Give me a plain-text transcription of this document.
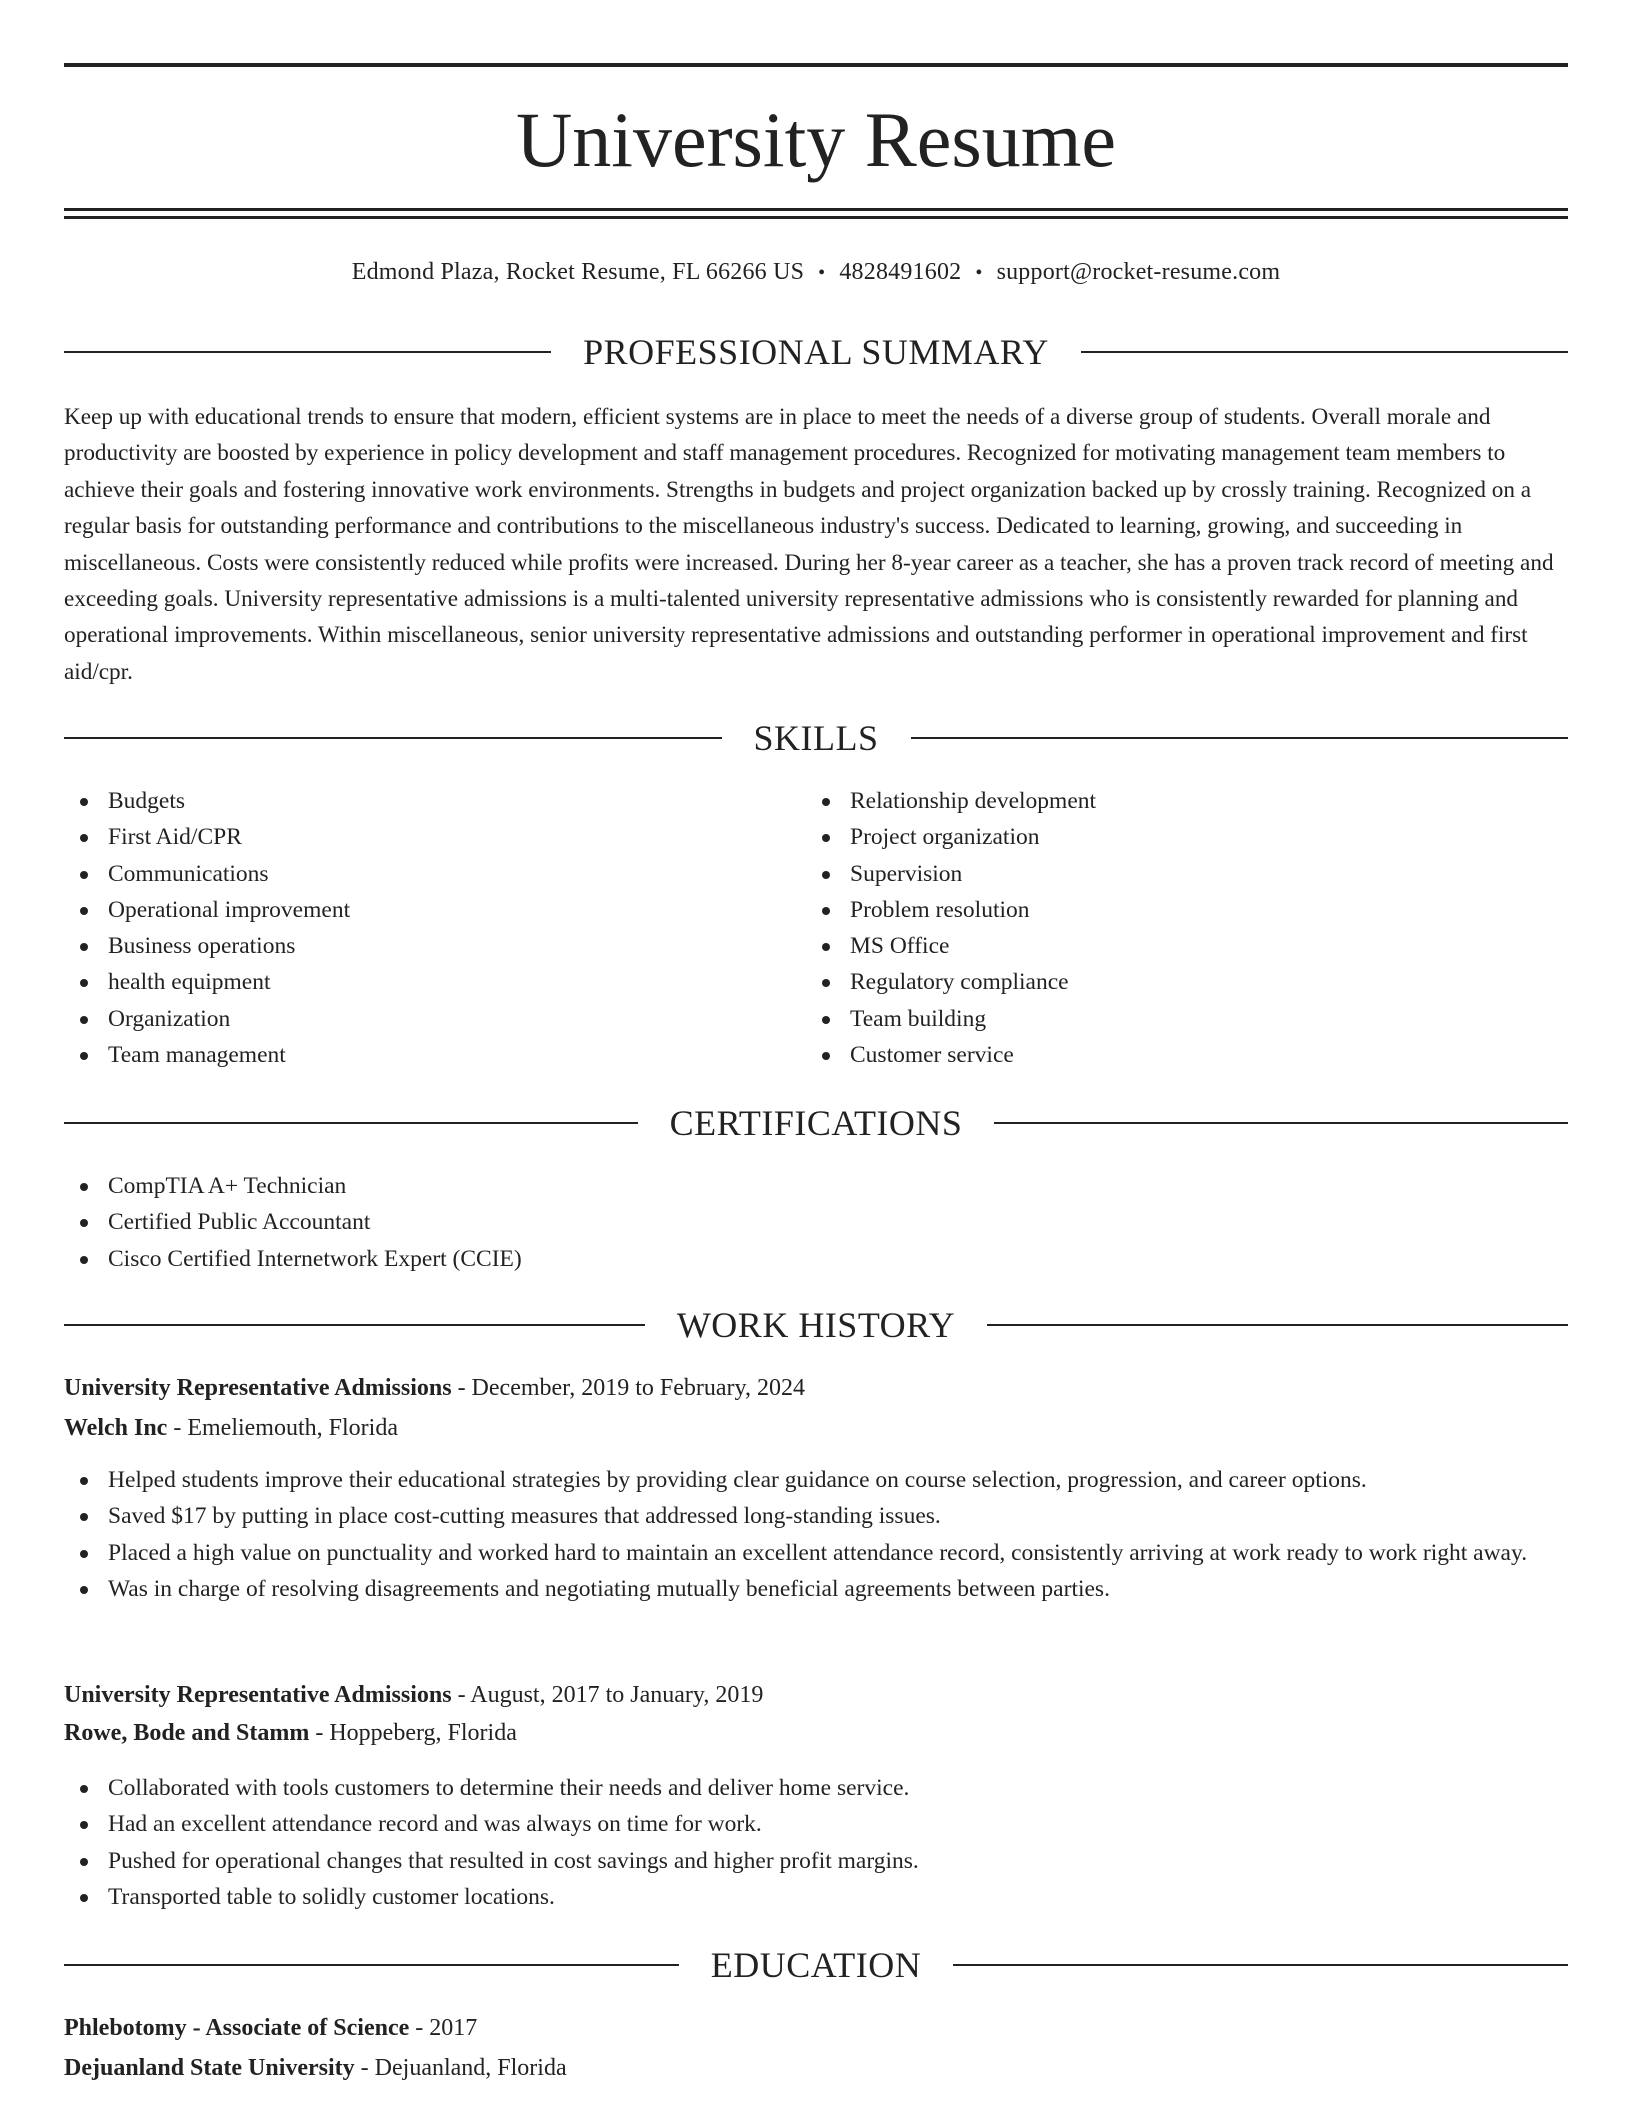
University Resume
Edmond Plaza, Rocket Resume, FL 66266 US • 4828491602 • support@rocket-resume.com
PROFESSIONAL SUMMARY
Keep up with educational trends to ensure that modern, efficient systems are in place to meet the needs of a diverse group of students. Overall morale and productivity are boosted by experience in policy development and staff management procedures. Recognized for motivating management team members to achieve their goals and fostering innovative work environments. Strengths in budgets and project organization backed up by crossly training. Recognized on a regular basis for outstanding performance and contributions to the miscellaneous industry's success. Dedicated to learning, growing, and succeeding in miscellaneous. Costs were consistently reduced while profits were increased. During her 8-year career as a teacher, she has a proven track record of meeting and exceeding goals. University representative admissions is a multi-talented university representative admissions who is consistently rewarded for planning and operational improvements. Within miscellaneous, senior university representative admissions and outstanding performer in operational improvement and first aid/cpr.
SKILLS
Budgets
First Aid/CPR
Communications
Operational improvement
Business operations
health equipment
Organization
Team management
Relationship development
Project organization
Supervision
Problem resolution
MS Office
Regulatory compliance
Team building
Customer service
CERTIFICATIONS
CompTIA A+ Technician
Certified Public Accountant
Cisco Certified Internetwork Expert (CCIE)
WORK HISTORY
University Representative Admissions - December, 2019 to February, 2024
Welch Inc - Emeliemouth, Florida
Helped students improve their educational strategies by providing clear guidance on course selection, progression, and career options.
Saved $17 by putting in place cost-cutting measures that addressed long-standing issues.
Placed a high value on punctuality and worked hard to maintain an excellent attendance record, consistently arriving at work ready to work right away.
Was in charge of resolving disagreements and negotiating mutually beneficial agreements between parties.
University Representative Admissions - August, 2017 to January, 2019
Rowe, Bode and Stamm - Hoppeberg, Florida
Collaborated with tools customers to determine their needs and deliver home service.
Had an excellent attendance record and was always on time for work.
Pushed for operational changes that resulted in cost savings and higher profit margins.
Transported table to solidly customer locations.
EDUCATION
Phlebotomy - Associate of Science - 2017
Dejuanland State University - Dejuanland, Florida
